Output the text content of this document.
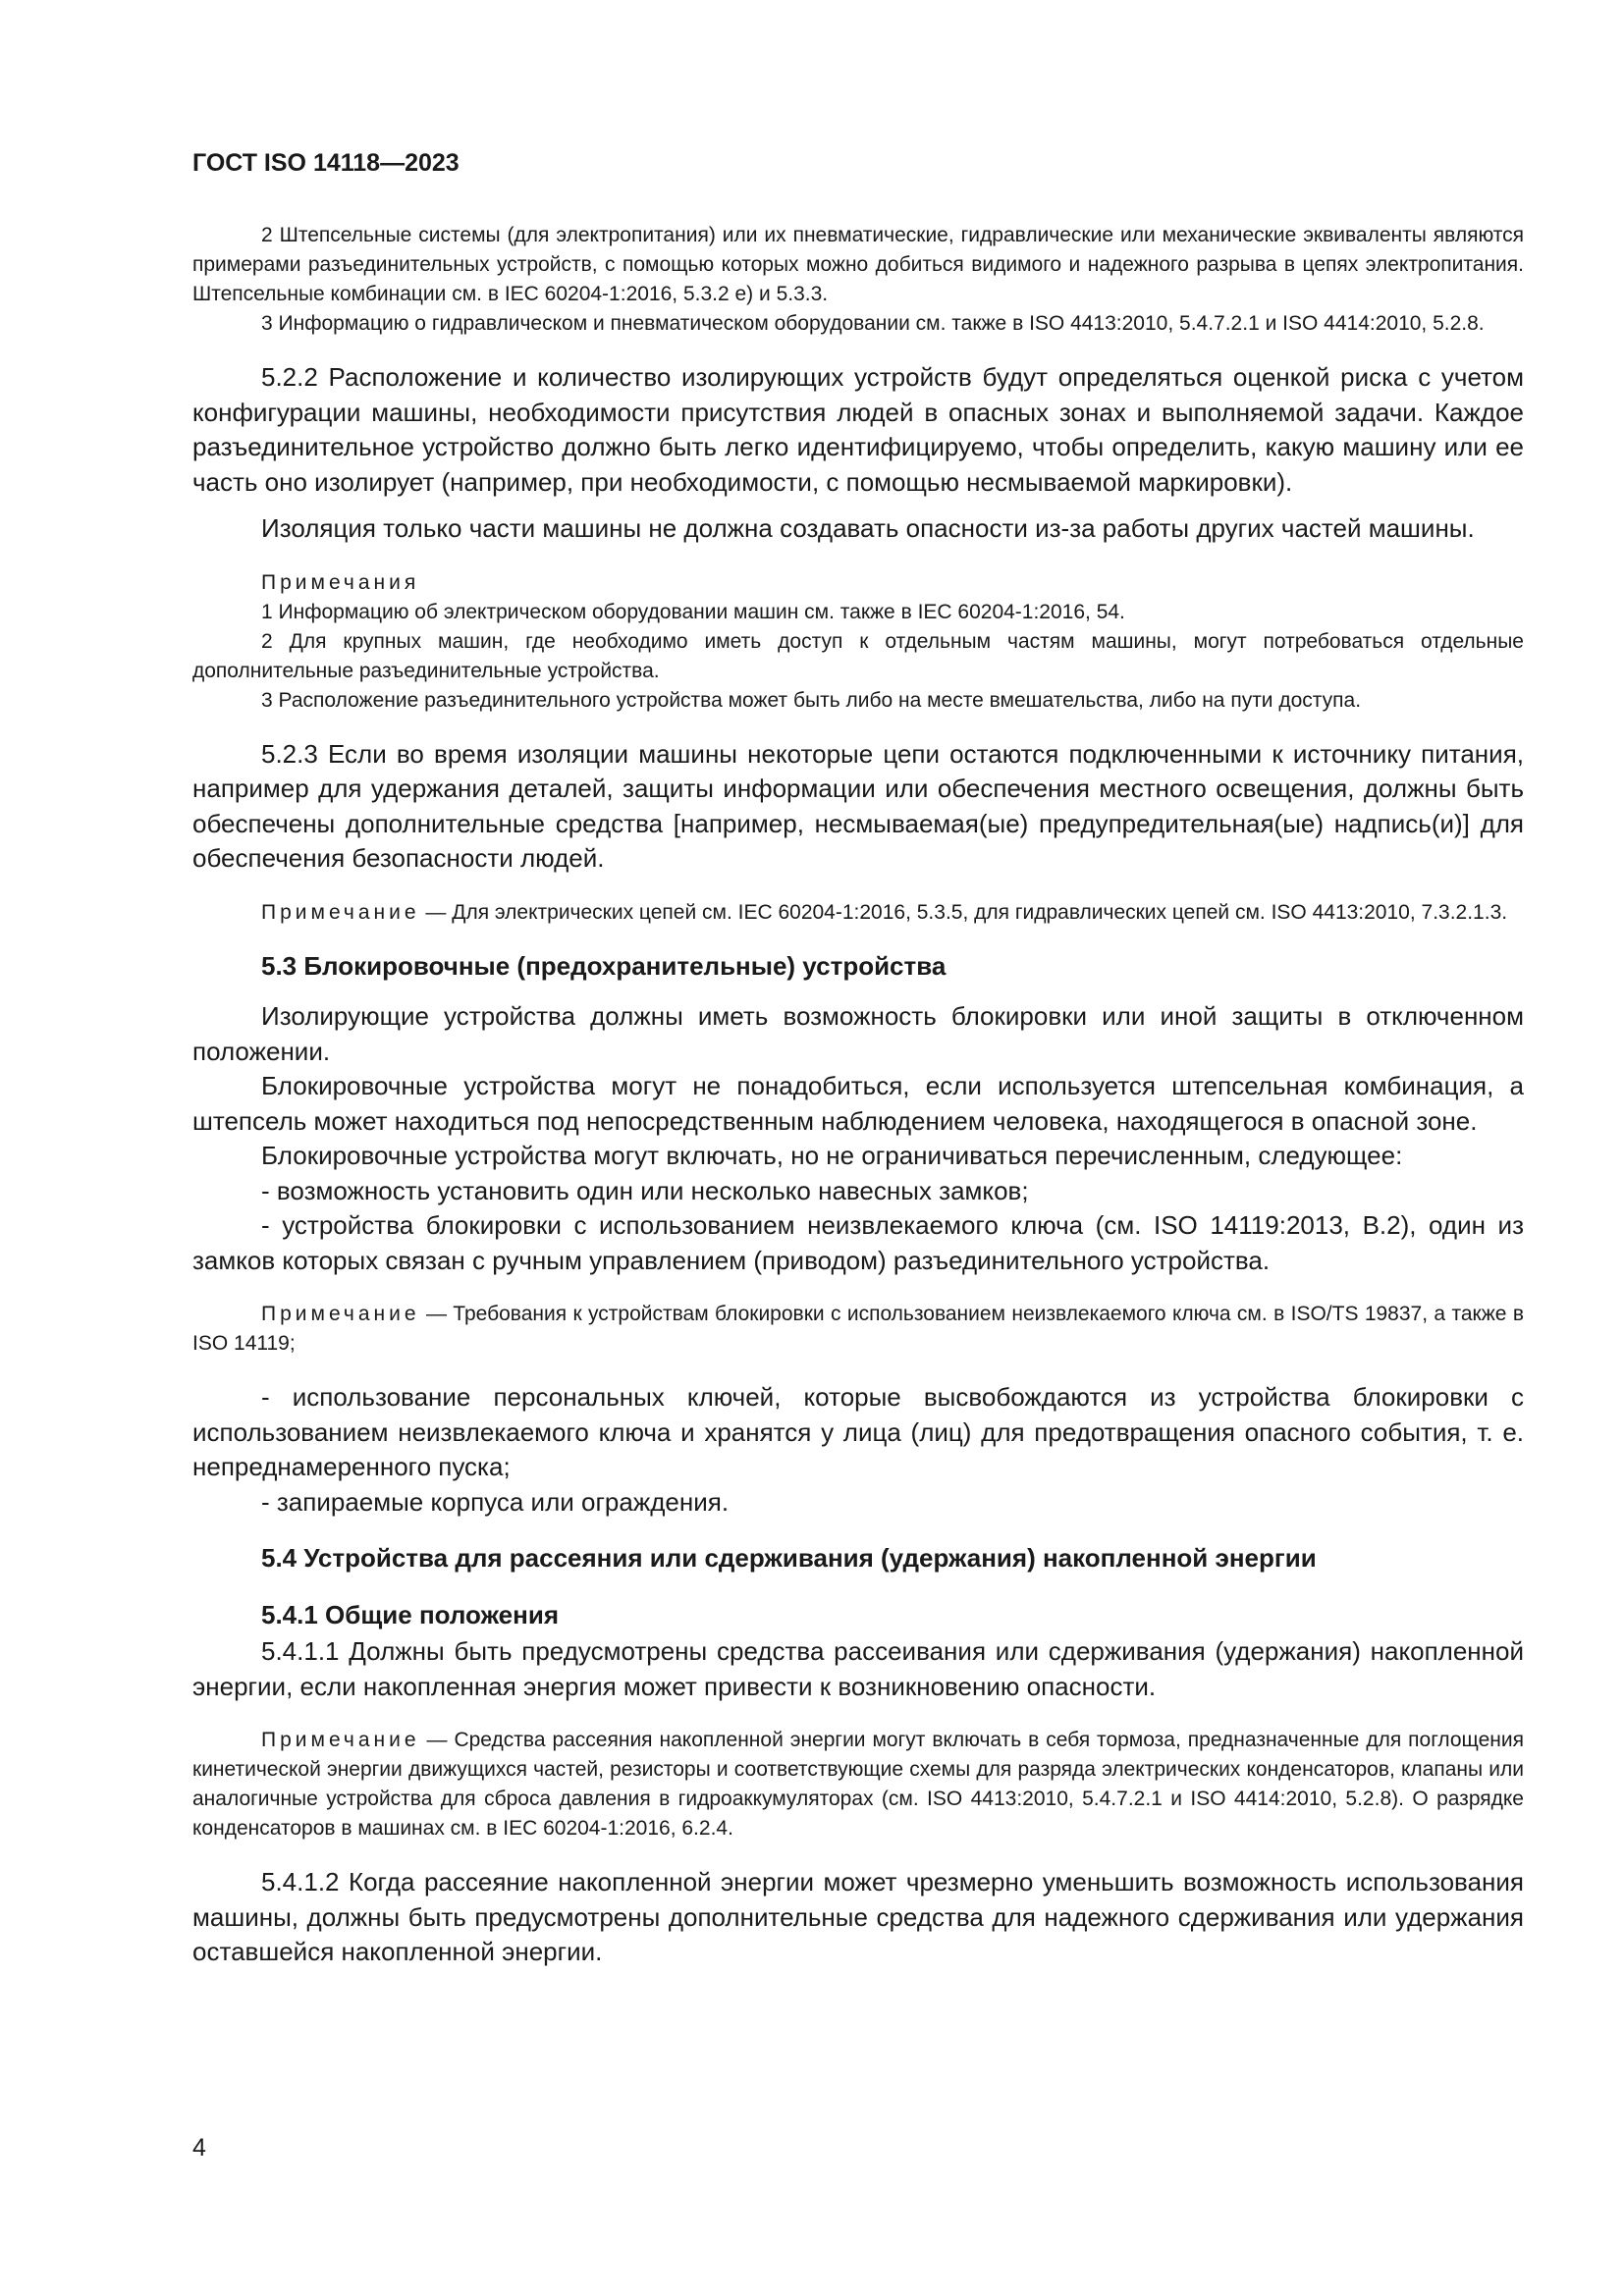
ГОСТ ISO 14118—2023

2 Штепсельные системы (для электропитания) или их пневматические, гидравлические или механические эквиваленты являются примерами разъединительных устройств, с помощью которых можно добиться видимого и надежного разрыва в цепях электропитания. Штепсельные комбинации см. в IEC 60204-1:2016, 5.3.2 е) и 5.3.3.

3 Информацию о гидравлическом и пневматическом оборудовании см. также в ISO 4413:2010, 5.4.7.2.1 и ISO 4414:2010, 5.2.8.

5.2.2 Расположение и количество изолирующих устройств будут определяться оценкой риска с учетом конфигурации машины, необходимости присутствия людей в опасных зонах и выполняемой задачи. Каждое разъединительное устройство должно быть легко идентифицируемо, чтобы определить, какую машину или ее часть оно изолирует (например, при необходимости, с помощью несмываемой маркировки).

Изоляция только части машины не должна создавать опасности из-за работы других частей машины.

Примечания

1 Информацию об электрическом оборудовании машин см. также в IEC 60204-1:2016, 54.

2 Для крупных машин, где необходимо иметь доступ к отдельным частям машины, могут потребоваться отдельные дополнительные разъединительные устройства.

3 Расположение разъединительного устройства может быть либо на месте вмешательства, либо на пути доступа.

5.2.3 Если во время изоляции машины некоторые цепи остаются подключенными к источнику питания, например для удержания деталей, защиты информации или обеспечения местного освещения, должны быть обеспечены дополнительные средства [например, несмываемая(ые) предупредительная(ые) надпись(и)] для обеспечения безопасности людей.

Примечание — Для электрических цепей см. IEC 60204-1:2016, 5.3.5, для гидравлических цепей см. ISO 4413:2010, 7.3.2.1.3.

5.3 Блокировочные (предохранительные) устройства

Изолирующие устройства должны иметь возможность блокировки или иной защиты в отключенном положении.

Блокировочные устройства могут не понадобиться, если используется штепсельная комбинация, а штепсель может находиться под непосредственным наблюдением человека, находящегося в опасной зоне.

Блокировочные устройства могут включать, но не ограничиваться перечисленным, следующее:

- возможность установить один или несколько навесных замков;

- устройства блокировки с использованием неизвлекаемого ключа (см. ISO 14119:2013, B.2), один из замков которых связан с ручным управлением (приводом) разъединительного устройства.

Примечание — Требования к устройствам блокировки с использованием неизвлекаемого ключа см. в ISO/TS 19837, а также в ISO 14119;

- использование персональных ключей, которые высвобождаются из устройства блокировки с использованием неизвлекаемого ключа и хранятся у лица (лиц) для предотвращения опасного события, т. е. непреднамеренного пуска;

- запираемые корпуса или ограждения.

5.4 Устройства для рассеяния или сдерживания (удержания) накопленной энергии

5.4.1 Общие положения

5.4.1.1 Должны быть предусмотрены средства рассеивания или сдерживания (удержания) накопленной энергии, если накопленная энергия может привести к возникновению опасности.

Примечание — Средства рассеяния накопленной энергии могут включать в себя тормоза, предназначенные для поглощения кинетической энергии движущихся частей, резисторы и соответствующие схемы для разряда электрических конденсаторов, клапаны или аналогичные устройства для сброса давления в гидроаккумуляторах (см. ISO 4413:2010, 5.4.7.2.1 и ISO 4414:2010, 5.2.8). О разрядке конденсаторов в машинах см. в IEC 60204-1:2016, 6.2.4.

5.4.1.2 Когда рассеяние накопленной энергии может чрезмерно уменьшить возможность использования машины, должны быть предусмотрены дополнительные средства для надежного сдерживания или удержания оставшейся накопленной энергии.

4
